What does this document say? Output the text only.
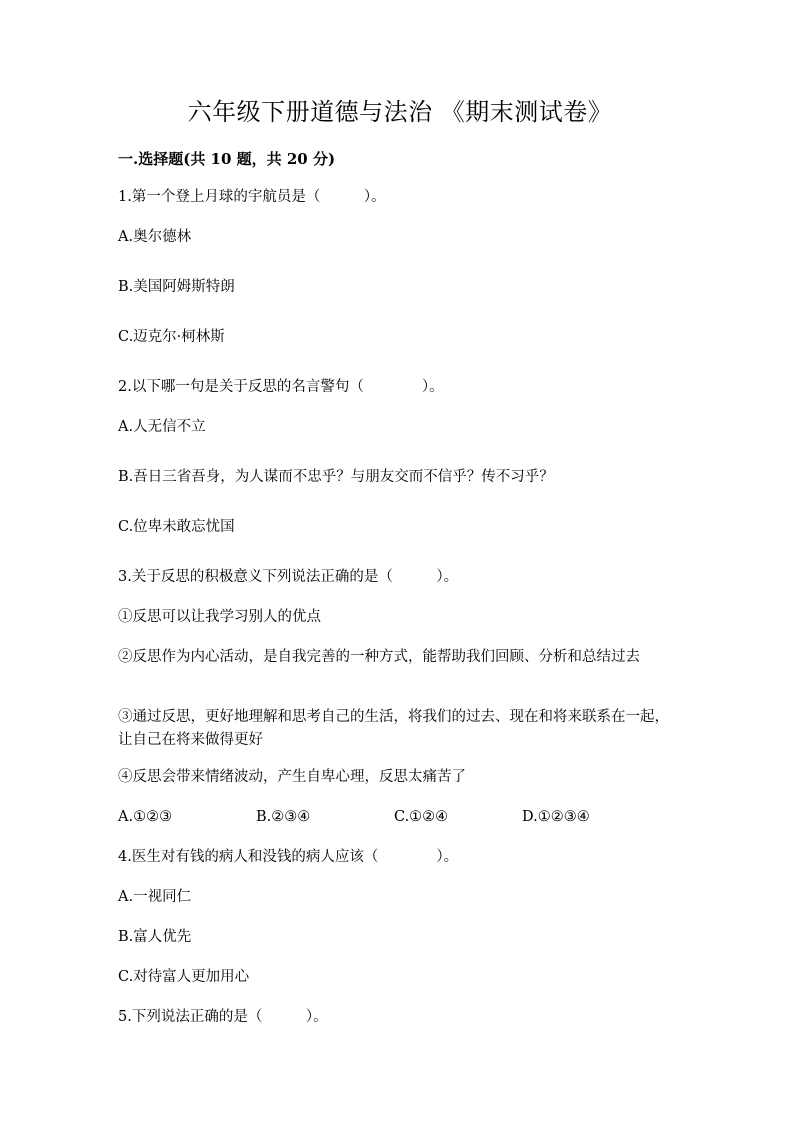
六年级下册道德与法治 《期末测试卷》
一.选择题(共 10 题，共 20 分)
1.第一个登上月球的宇航员是（　　　）。
A.奥尔德林
B.美国阿姆斯特朗
C.迈克尔·柯林斯
2.以下哪一句是关于反思的名言警句（　　　　）。
A.人无信不立
B.吾日三省吾身，为人谋而不忠乎？与朋友交而不信乎？传不习乎？
C.位卑未敢忘忧国
3.关于反思的积极意义下列说法正确的是（　　　）。
①反思可以让我学习别人的优点
②反思作为内心活动，是自我完善的一种方式，能帮助我们回顾、分析和总结过去
③通过反思，更好地理解和思考自己的生活，将我们的过去、现在和将来联系在一起，让自己在将来做得更好
④反思会带来情绪波动，产生自卑心理，反思太痛苦了
A.①②③	B.②③④	C.①②④	D.①②③④
4.医生对有钱的病人和没钱的病人应该（　　　　）。
A.一视同仁
B.富人优先
C.对待富人更加用心
5.下列说法正确的是（　　　）。
